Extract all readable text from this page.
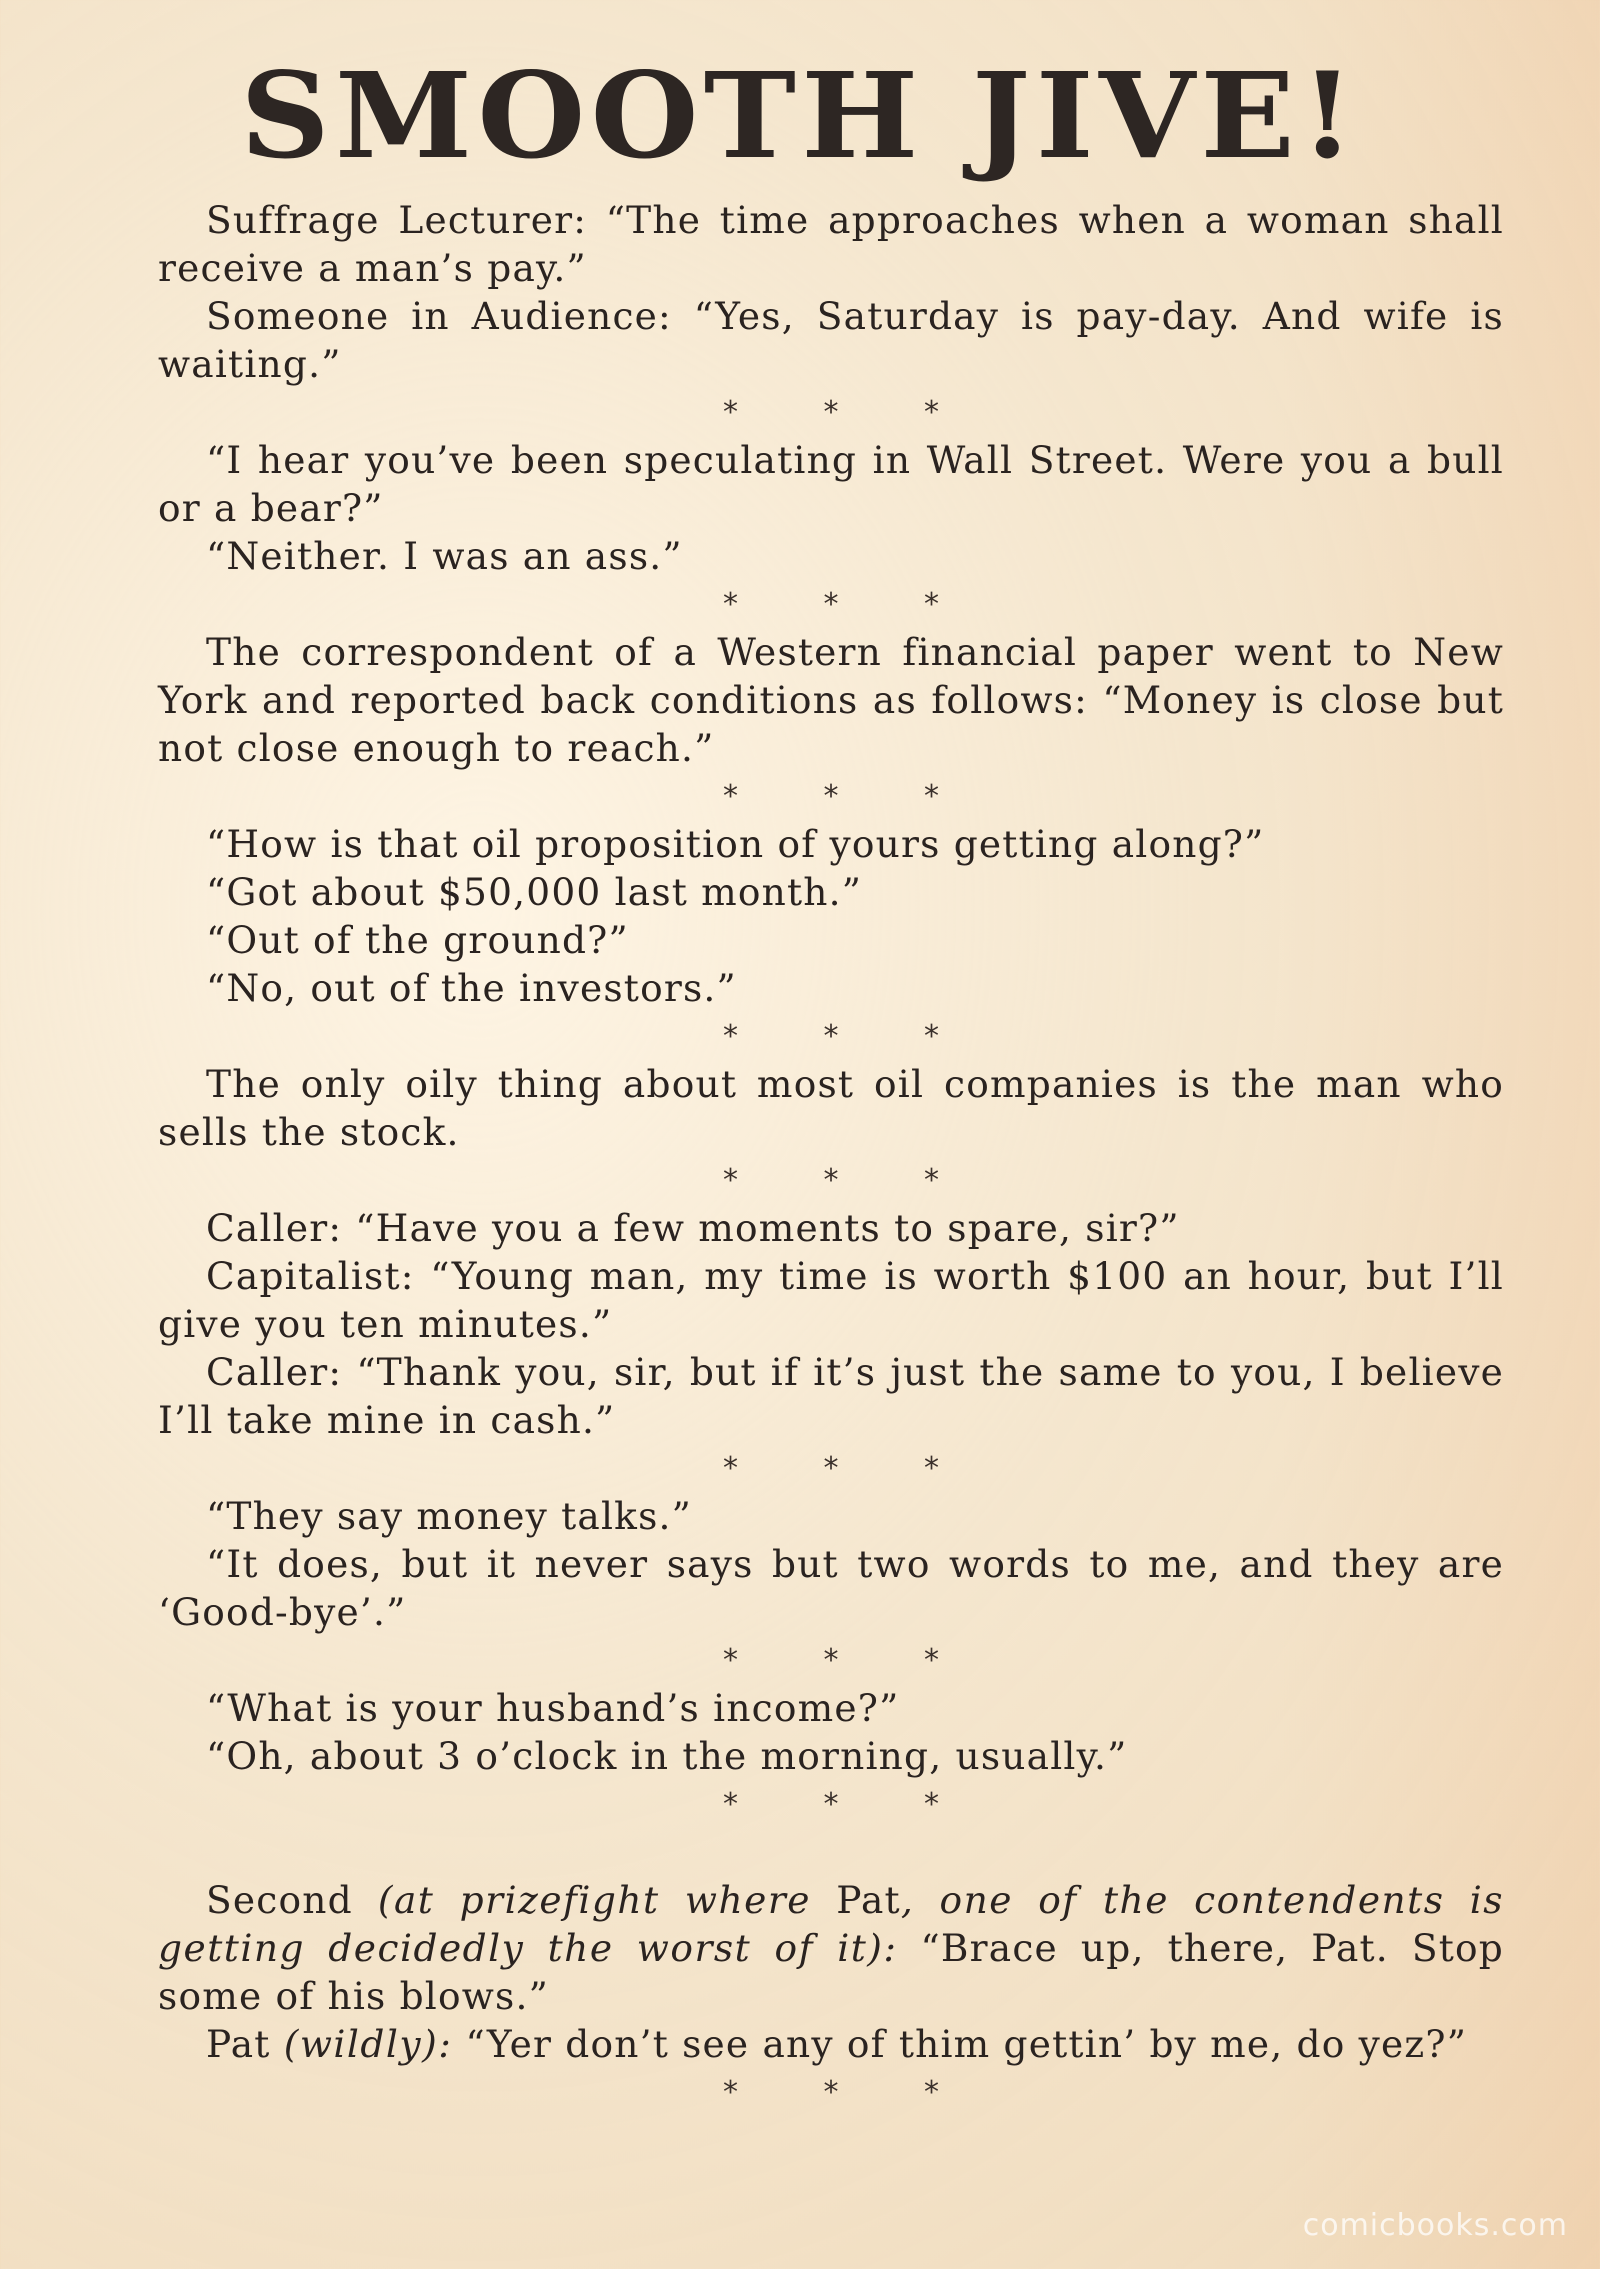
SMOOTH JIVE!

Suffrage Lecturer: “The time approaches when a woman shall receive a man’s pay.”

Someone in Audience: “Yes, Saturday is pay-day. And wife is waiting.”

* * *

“I hear you’ve been speculating in Wall Street. Were you a bull or a bear?”

“Neither. I was an ass.”

* * *

The correspondent of a Western financial paper went to New York and reported back conditions as follows: “Money is close but not close enough to reach.”

* * *

“How is that oil proposition of yours getting along?”

“Got about $50,000 last month.”

“Out of the ground?”

“No, out of the investors.”

* * *

The only oily thing about most oil companies is the man who sells the stock.

* * *

Caller: “Have you a few moments to spare, sir?”

Capitalist: “Young man, my time is worth $100 an hour, but I’ll give you ten minutes.”

Caller: “Thank you, sir, but if it’s just the same to you, I believe I’ll take mine in cash.”

* * *

“They say money talks.”

“It does, but it never says but two words to me, and they are ‘Good-bye’.”

* * *

“What is your husband’s income?”

“Oh, about 3 o’clock in the morning, usually.”

* * *

Second (at prizefight where Pat, one of the contendents is getting decidedly the worst of it): “Brace up, there, Pat. Stop some of his blows.”

Pat (wildly): “Yer don’t see any of thim gettin’ by me, do yez?”

* * *
comicbooks.com
